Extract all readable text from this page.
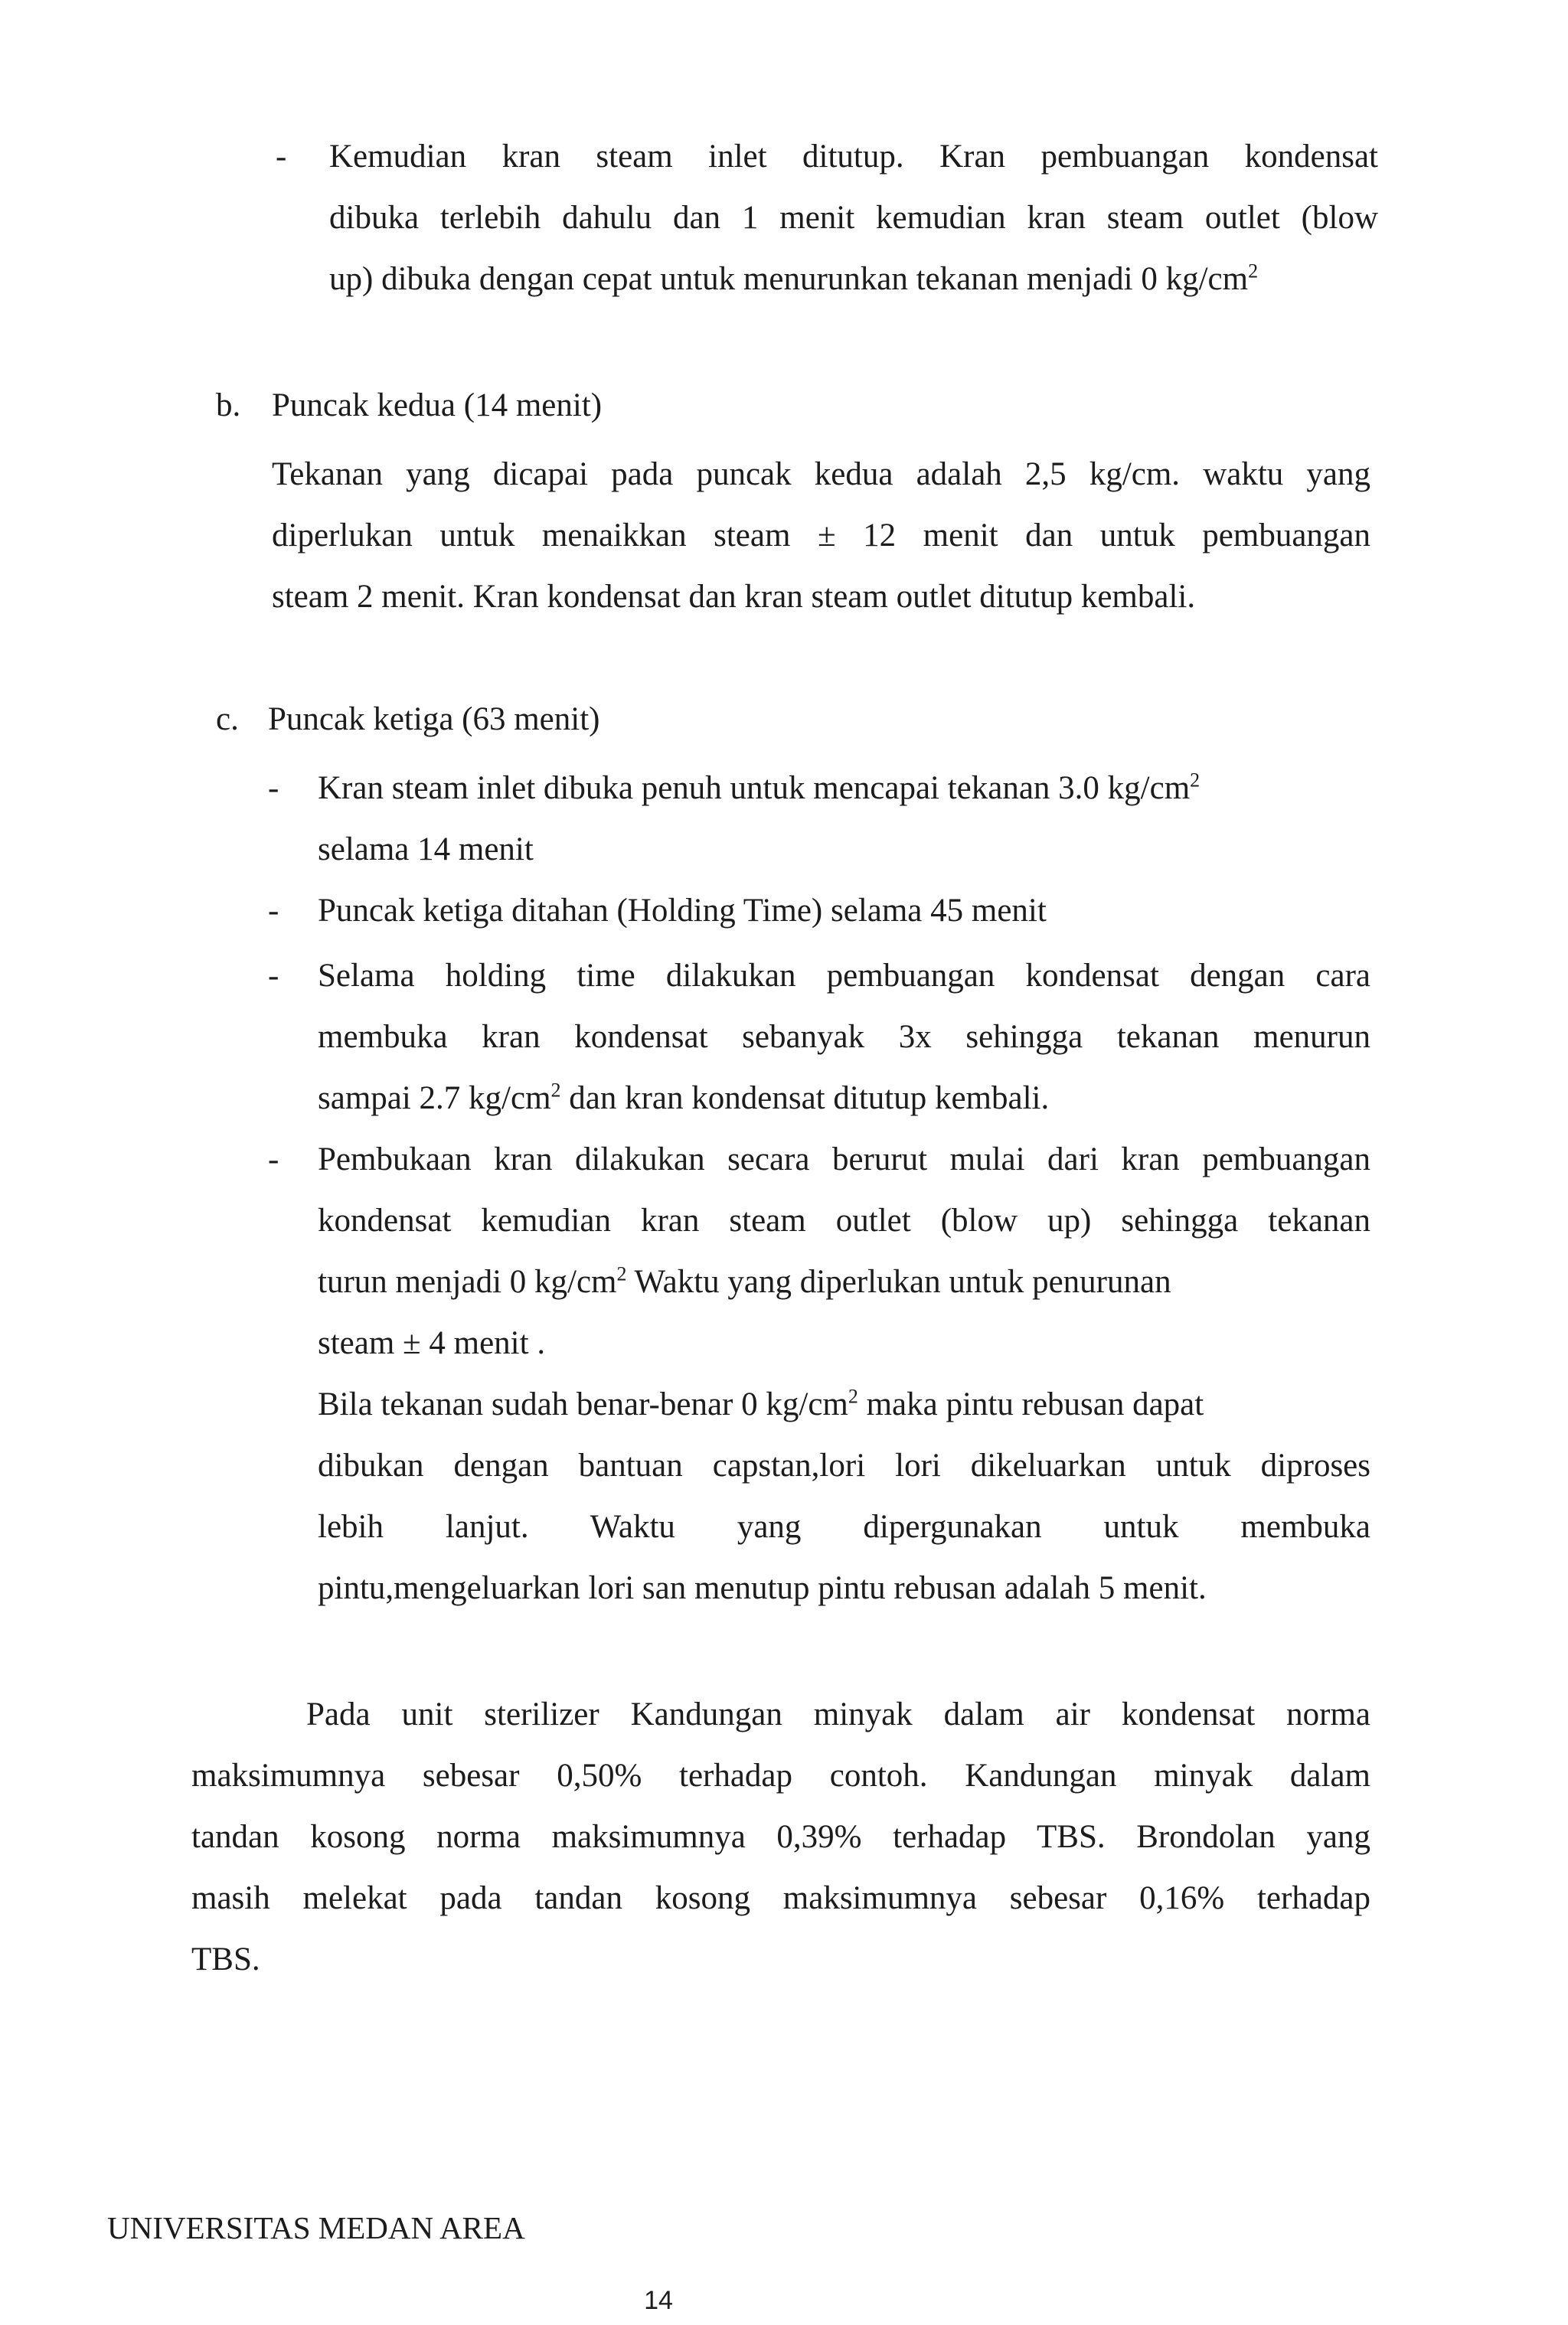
- Kemudian kran steam inlet ditutup. Kran pembuangan kondensat
dibuka terlebih dahulu dan 1 menit kemudian kran steam outlet (blow
up) dibuka dengan cepat untuk menurunkan tekanan menjadi 0 $kg/cm^2$
b. Puncak kedua (14 menit)
Tekanan yang dicapai pada puncak kedua adalah 2,5 kg/cm. waktu yang
diperlukan untuk menaikkan steam ± 12 menit dan untuk pembuangan
steam 2 menit. Kran kondensat dan kran steam outlet ditutup kembali.
c. Puncak ketiga (63 menit)
- Kran steam inlet dibuka penuh untuk mencapai tekanan 3.0 $kg/cm^2$
selama 14 menit
- Puncak ketiga ditahan (Holding Time) selama 45 menit
- Selama holding time dilakukan pembuangan kondensat dengan cara
membuka kran kondensat sebanyak 3x sehingga tekanan menurun
sampai 2.7 $kg/cm^2$ dan kran kondensat ditutup kembali.
- Pembukaan kran dilakukan secara berurut mulai dari kran pembuangan
kondensat kemudian kran steam outlet (blow up) sehingga tekanan
turun menjadi 0 $kg/cm^2$ Waktu yang diperlukan untuk penurunan
steam ± 4 menit .
Bila tekanan sudah benar-benar 0 $kg/cm^2$ maka pintu rebusan dapat
dibukan dengan bantuan capstan,lori lori dikeluarkan untuk diproses
lebih lanjut. Waktu yang dipergunakan untuk membuka
pintu,mengeluarkan lori san menutup pintu rebusan adalah 5 menit.
Pada unit sterilizer Kandungan minyak dalam air kondensat norma
maksimumnya sebesar 0,50% terhadap contoh. Kandungan minyak dalam
tandan kosong norma maksimumnya 0,39% terhadap TBS. Brondolan yang
masih melekat pada tandan kosong maksimumnya sebesar 0,16% terhadap
TBS.
UNIVERSITAS MEDAN AREA
14
